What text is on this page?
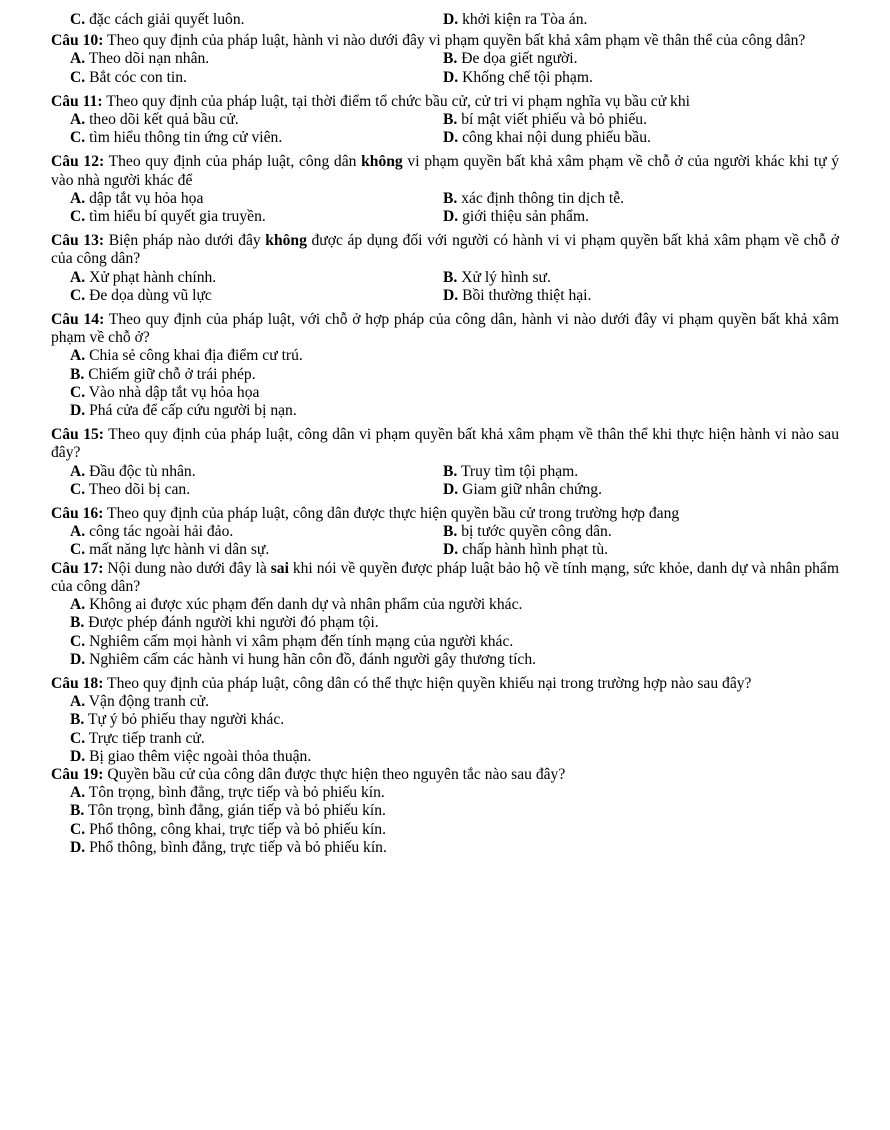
C. đặc cách giải quyết luôn.	D. khởi kiện ra Tòa án.

Câu 10: Theo quy định của pháp luật, hành vi nào dưới đây vi phạm quyền bất khả xâm phạm về thân thể của công dân?

A. Theo dõi nạn nhân.	B. Đe dọa giết người.
C. Bắt cóc con tin.	D. Khống chế tội phạm.

Câu 11: Theo quy định của pháp luật, tại thời điểm tổ chức bầu cử, cử tri vi phạm nghĩa vụ bầu cử khi

A. theo dõi kết quả bầu cử.	B. bí mật viết phiếu và bỏ phiếu.
C. tìm hiểu thông tin ứng cử viên.	D. công khai nội dung phiếu bầu.

Câu 12: Theo quy định của pháp luật, công dân không vi phạm quyền bất khả xâm phạm về chỗ ở của người khác khi tự ý vào nhà người khác để

A. dập tắt vụ hỏa họa	B. xác định thông tin dịch tễ.
C. tìm hiểu bí quyết gia truyền.	D. giới thiệu sản phẩm.

Câu 13: Biện pháp nào dưới đây không được áp dụng đối với người có hành vi vi phạm quyền bất khả xâm phạm về chỗ ở của công dân?

A. Xử phạt hành chính.	B. Xử lý hình sư.
C. Đe dọa dùng vũ lực	D. Bồi thường thiệt hại.

Câu 14: Theo quy định của pháp luật, với chỗ ở hợp pháp của công dân, hành vi nào dưới đây vi phạm quyền bất khả xâm phạm về chỗ ở?

A. Chia sẻ công khai địa điểm cư trú.
B. Chiếm giữ chỗ ở trái phép.
C. Vào nhà dập tắt vụ hỏa họa
D. Phá cửa để cấp cứu người bị nạn.

Câu 15: Theo quy định của pháp luật, công dân vi phạm quyền bất khả xâm phạm về thân thể khi thực hiện hành vi nào sau đây?

A. Đầu độc tù nhân.	B. Truy tìm tội phạm.
C. Theo dõi bị can.	D. Giam giữ nhân chứng.

Câu 16: Theo quy định của pháp luật, công dân được thực hiện quyền bầu cử trong trường hợp đang

A. công tác ngoài hải đảo.	B. bị tước quyền công dân.
C. mất năng lực hành vi dân sự.	D. chấp hành hình phạt tù.

Câu 17: Nội dung nào dưới đây là sai khi nói về quyền được pháp luật bảo hộ về tính mạng, sức khỏe, danh dự và nhân phẩm của công dân?

A. Không ai được xúc phạm đến danh dự và nhân phẩm của người khác.
B. Được phép đánh người khi người đó phạm tội.
C. Nghiêm cấm mọi hành vi xâm phạm đến tính mạng của người khác.
D. Nghiêm cấm các hành vi hung hãn côn đồ, đánh người gây thương tích.

Câu 18: Theo quy định của pháp luật, công dân có thể thực hiện quyền khiếu nại trong trường hợp nào sau đây?

A. Vận động tranh cử.
B. Tự ý bỏ phiếu thay người khác.
C. Trực tiếp tranh cử.
D. Bị giao thêm việc ngoài thỏa thuận.

Câu 19: Quyền bầu cử của công dân được thực hiện theo nguyên tắc nào sau đây?

A. Tôn trọng, bình đẳng, trực tiếp và bỏ phiếu kín.
B. Tôn trọng, bình đẳng, gián tiếp và bỏ phiếu kín.
C. Phổ thông, công khai, trực tiếp và bỏ phiếu kín.
D. Phổ thông, bình đẳng, trực tiếp và bỏ phiếu kín.
